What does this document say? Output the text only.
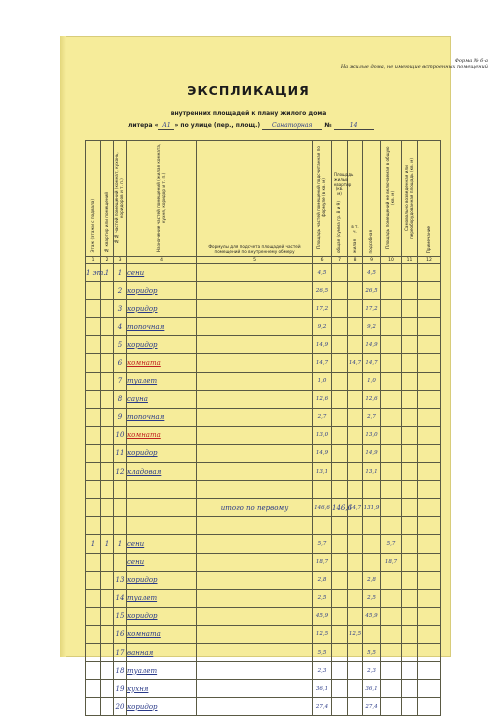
Форма № 6-а
На жилые дома, не имеющие встроенных помещений
ЭКСПЛИКАЦИЯ
внутренних площадей к плану жилого дома
литера « А1 » по улице (пер., площ.) Санаторная №	14
Этаж (этажи с подвала)	№ квартир или помещений	№№ частей помещений (комнат, кухонь, коридоров и т. п.)	Назначение частей помещений (жилая комната, кухня, коридор и т. п.)	Формулы для подсчета площадей частей помещений по внутреннему обмеру	Площадь частей помещений подсчитанная по формуле (в кв. м)	Площадь жилых квартир (кв. м)
общая (сумма гр. 8 и 9)	в т. ч.
жилая	подсобная	Площадь помещений не включаемая в общую (кв. м)	Самовольно возведенная или переоборудованная площадь (кв. м)	Примечание
1	2	3	4	5	6	7	8	9	10	11	12
1 эт.	1	1	сени		4,5			4,5			
		2	коридор		26,5			26,5			
		3	коридор		17,2			17,2			
		4	топочная		9,2			9,2			
		5	коридор		14,9			14,9			
		6	комната		14,7		14,7	14,7			
		7	туалет		1,0			1,0			
		8	сауна		12,6			12,6			
		9	топочная		2,7			2,7			
		10	комната		13,0			13,0			
		11	коридор		14,9			14,9			
		12	кладовая		13,1			13,1			

				итого по первому	146,6	146,6	14,7	131,9			

1	1	1	сени		5,7				5,7		
			сени		18,7				18,7		
		13	коридор		2,8			2,8			
		14	туалет		2,5			2,5			
		15	коридор		45,9			45,9			
		16	комната		12,5		12,5				
		17	ванная		5,5			5,5			
		18	туалет		2,3			2,3			
		19	кухня		36,1			36,1			
		20	коридор		27,4			27,4			
